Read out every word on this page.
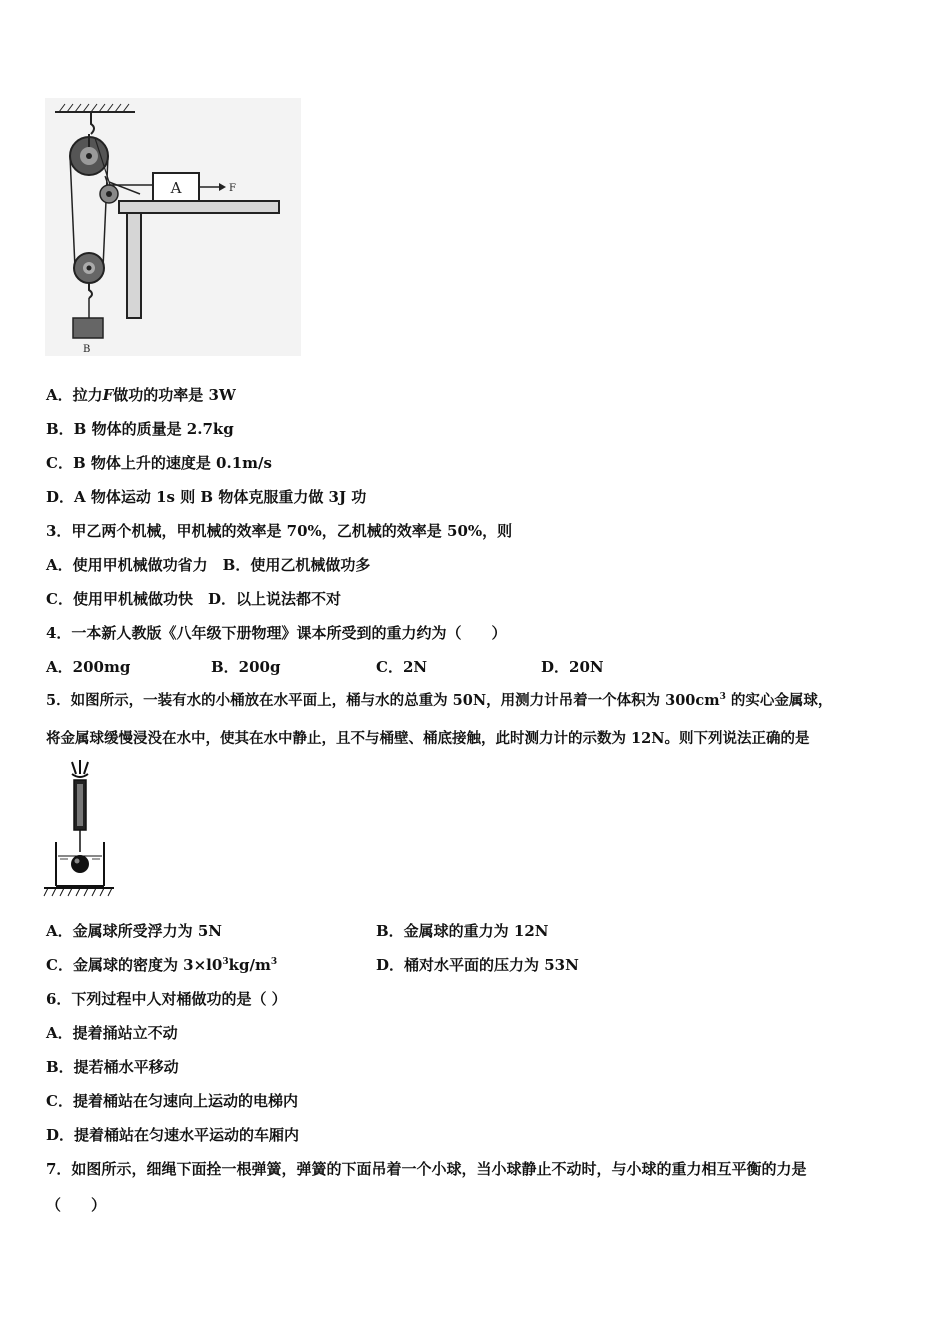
A	F
B
A．拉力F做功的功率是 3W
B．B 物体的质量是 2.7kg
C．B 物体上升的速度是 0.1m/s
D．A 物体运动 1s 则 B 物体克服重力做 3J 功
3．甲乙两个机械，甲机械的效率是 70%，乙机械的效率是 50%，则
A．使用甲机械做功省力　B．使用乙机械做功多
C．使用甲机械做功快　D．以上说法都不对
4．一本新人教版《八年级下册物理》课本所受到的重力约为（　　）
A．200mg	B．200g	C．2N	D．20N
5．如图所示，一装有水的小桶放在水平面上，桶与水的总重为 50N，用测力计吊着一个体积为 $300cm^3$ 的实心金属球，
将金属球缓慢浸没在水中，使其在水中静止，且不与桶壁、桶底接触，此时测力计的示数为 12N。则下列说法正确的是
A．金属球所受浮力为 5N	B．金属球的重力为 12N
C．金属球的密度为 $3\times l0^3kg/m^3$	D．桶对水平面的压力为 53N
6．下列过程中人对桶做功的是（ ）
A．提着捅站立不动
B．提若桶水平移动
C．提着桶站在匀速向上运动的电梯内
D．提着桶站在匀速水平运动的车厢内
7．如图所示，细绳下面拴一根弹簧，弹簧的下面吊着一个小球，当小球静止不动时，与小球的重力相互平衡的力是
（　　）
